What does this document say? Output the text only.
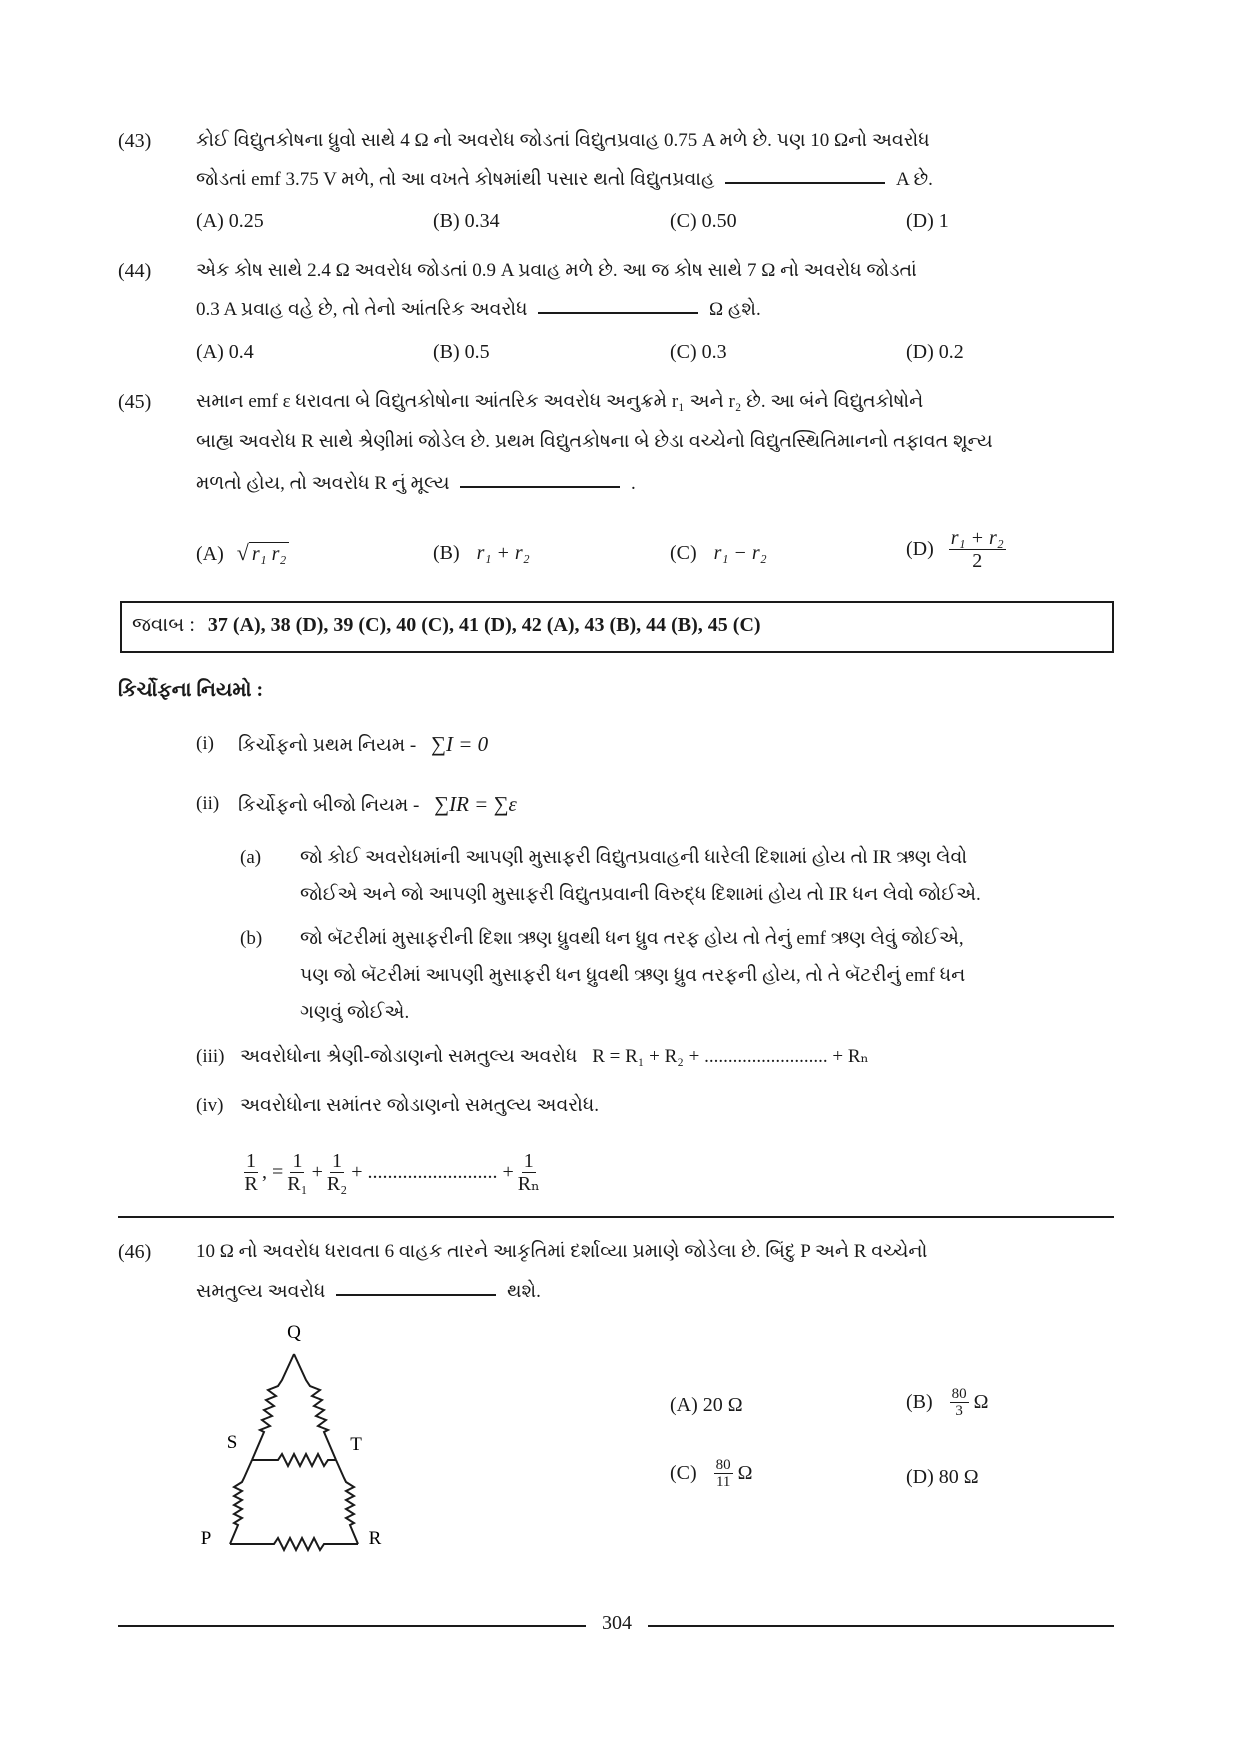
(43) કોઈ વિદ્યુતકોષના ધ્રુવો સાથે 4 Ω નો અવરોધ જોડતાં વિદ્યુતપ્રવાહ 0.75 A મળે છે. પણ 10 Ωનો અવરોધ
જોડતાં emf 3.75 V મળે, તો આ વખતે કોષમાંથી પસાર થતો વિદ્યુતપ્રવાહ	A છે.
(A) 0.25	(B) 0.34	(C) 0.50	(D) 1
(44) એક કોષ સાથે 2.4 Ω અવરોધ જોડતાં 0.9 A પ્રવાહ મળે છે. આ જ કોષ સાથે 7 Ω નો અવરોધ જોડતાં
0.3 A પ્રવાહ વહે છે, તો તેનો આંતરિક અવરોધ	Ω હશે.
(A) 0.4	(B) 0.5	(C) 0.3	(D) 0.2
(45) સમાન emf ε ધરાવતા બે વિદ્યુતકોષોના આંતરિક અવરોધ અનુક્રમે r₁ અને r₂ છે. આ બંને વિદ્યુતકોષોને
બાહ્ય અવરોધ R સાથે શ્રેણીમાં જોડેલ છે. પ્રથમ વિદ્યુતકોષના બે છેડા વચ્ચેનો વિદ્યુતસ્થિતિમાનનો તફાવત શૂન્ય
મળતો હોય, તો અવરોધ R નું મૂલ્ય	.
(A) √ r₁ r₂	(B) r₁ + r₂	(C) r₁ − r₂	$(D) \frac{\text{r₁ + r₂}}{2}$
જવાબ : 37 (A), 38 (D), 39 (C), 40 (C), 41 (D), 42 (A), 43 (B), 44 (B), 45 (C)
કિર્ચોફના નિયમો :
(i) કિર્ચોફનો પ્રથમ નિયમ - ∑I = 0
(ii) કિર્ચોફનો બીજો નિયમ - ∑IR = ∑ε
(a) જો કોઈ અવરોધમાંની આપણી મુસાફરી વિદ્યુતપ્રવાહની ધારેલી દિશામાં હોય તો IR ઋણ લેવો
જોઈએ અને જો આપણી મુસાફરી વિદ્યુતપ્રવાની વિરુદ્ધ દિશામાં હોય તો IR ધન લેવો જોઈએ.
(b) જો બૅટરીમાં મુસાફરીની દિશા ઋણ ધ્રુવથી ધન ધ્રુવ તરફ હોય તો તેનું emf ઋણ લેવું જોઈએ,
પણ જો બૅટરીમાં આપણી મુસાફરી ધન ધ્રુવથી ઋણ ધ્રુવ તરફની હોય, તો તે બૅટરીનું emf ધન
ગણવું જોઈએ.
(iii) અવરોધોના શ્રેણી-જોડાણનો સમતુલ્ય અવરોધ R = R₁ + R₂ + .......................... + Rₙ
(iv) અવરોધોના સમાંતર જોડાણનો સમતુલ્ય અવરોધ.
$\frac{1}{R}$ , = $\frac{1}{\text{R₁}} + \frac{1}{\text{R₂}}$ + .......................... + $\frac{1}{\text{Rₙ}}$
(46) 10 Ω નો અવરોધ ધરાવતા 6 વાહક તારને આકૃતિમાં દર્શાવ્યા પ્રમાણે જોડેલા છે. બિંદુ P અને R વચ્ચેનો
સમતુલ્ય અવરોધ	થશે.
Q
S	T
P	R
(A) 20 Ω	$(B) \frac{80}{3}$ Ω
$(C) \frac{80}{11}$ Ω	(D) 80 Ω
304
